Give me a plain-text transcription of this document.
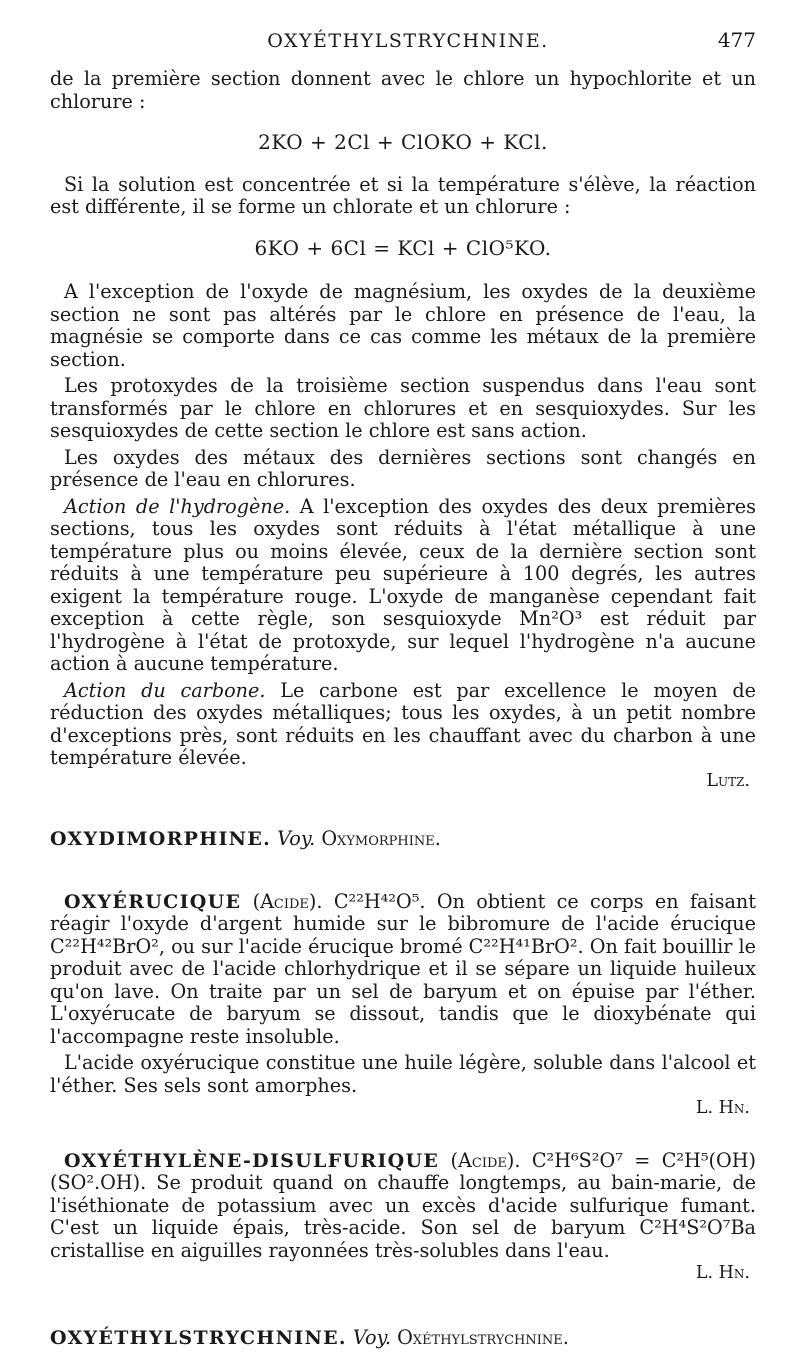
OXYÉTHYLSTRYCHNINE.	477

de la première section donnent avec le chlore un hypochlorite et un chlorure :

2KO + 2Cl + ClOKO + KCl.

Si la solution est concentrée et si la température s'élève, la réaction est différente, il se forme un chlorate et un chlorure :

6KO + 6Cl = KCl + ClO⁵KO.

A l'exception de l'oxyde de magnésium, les oxydes de la deuxième section ne sont pas altérés par le chlore en présence de l'eau, la magnésie se comporte dans ce cas comme les métaux de la première section.

Les protoxydes de la troisième section suspendus dans l'eau sont transformés par le chlore en chlorures et en sesquioxydes. Sur les sesquioxydes de cette section le chlore est sans action.

Les oxydes des métaux des dernières sections sont changés en présence de l'eau en chlorures.

Action de l'hydrogène. A l'exception des oxydes des deux premières sections, tous les oxydes sont réduits à l'état métallique à une température plus ou moins élevée, ceux de la dernière section sont réduits à une température peu supérieure à 100 degrés, les autres exigent la température rouge. L'oxyde de manganèse cependant fait exception à cette règle, son sesquioxyde Mn²O³ est réduit par l'hydrogène à l'état de protoxyde, sur lequel l'hydrogène n'a aucune action à aucune température.

Action du carbone. Le carbone est par excellence le moyen de réduction des oxydes métalliques; tous les oxydes, à un petit nombre d'exceptions près, sont réduits en les chauffant avec du charbon à une température élevée.

Lutz.

OXYDIMORPHINE. Voy. Oxymorphine.

OXYÉRUCIQUE (Acide). C²²H⁴²O⁵. On obtient ce corps en faisant réagir l'oxyde d'argent humide sur le bibromure de l'acide érucique C²²H⁴²BrO², ou sur l'acide érucique bromé C²²H⁴¹BrO². On fait bouillir le produit avec de l'acide chlorhydrique et il se sépare un liquide huileux qu'on lave. On traite par un sel de baryum et on épuise par l'éther. L'oxyérucate de baryum se dissout, tandis que le dioxybénate qui l'accompagne reste insoluble.

L'acide oxyérucique constitue une huile légère, soluble dans l'alcool et l'éther. Ses sels sont amorphes.

L. Hn.

OXYÉTHYLÈNE-DISULFURIQUE (Acide). C²H⁶S²O⁷ = C²H⁵(OH)(SO².OH). Se produit quand on chauffe longtemps, au bain-marie, de l'iséthionate de potassium avec un excès d'acide sulfurique fumant. C'est un liquide épais, très-acide. Son sel de baryum C²H⁴S²O⁷Ba cristallise en aiguilles rayonnées très-solubles dans l'eau.

L. Hn.

OXYÉTHYLSTRYCHNINE. Voy. Oxéthylstrychnine.
